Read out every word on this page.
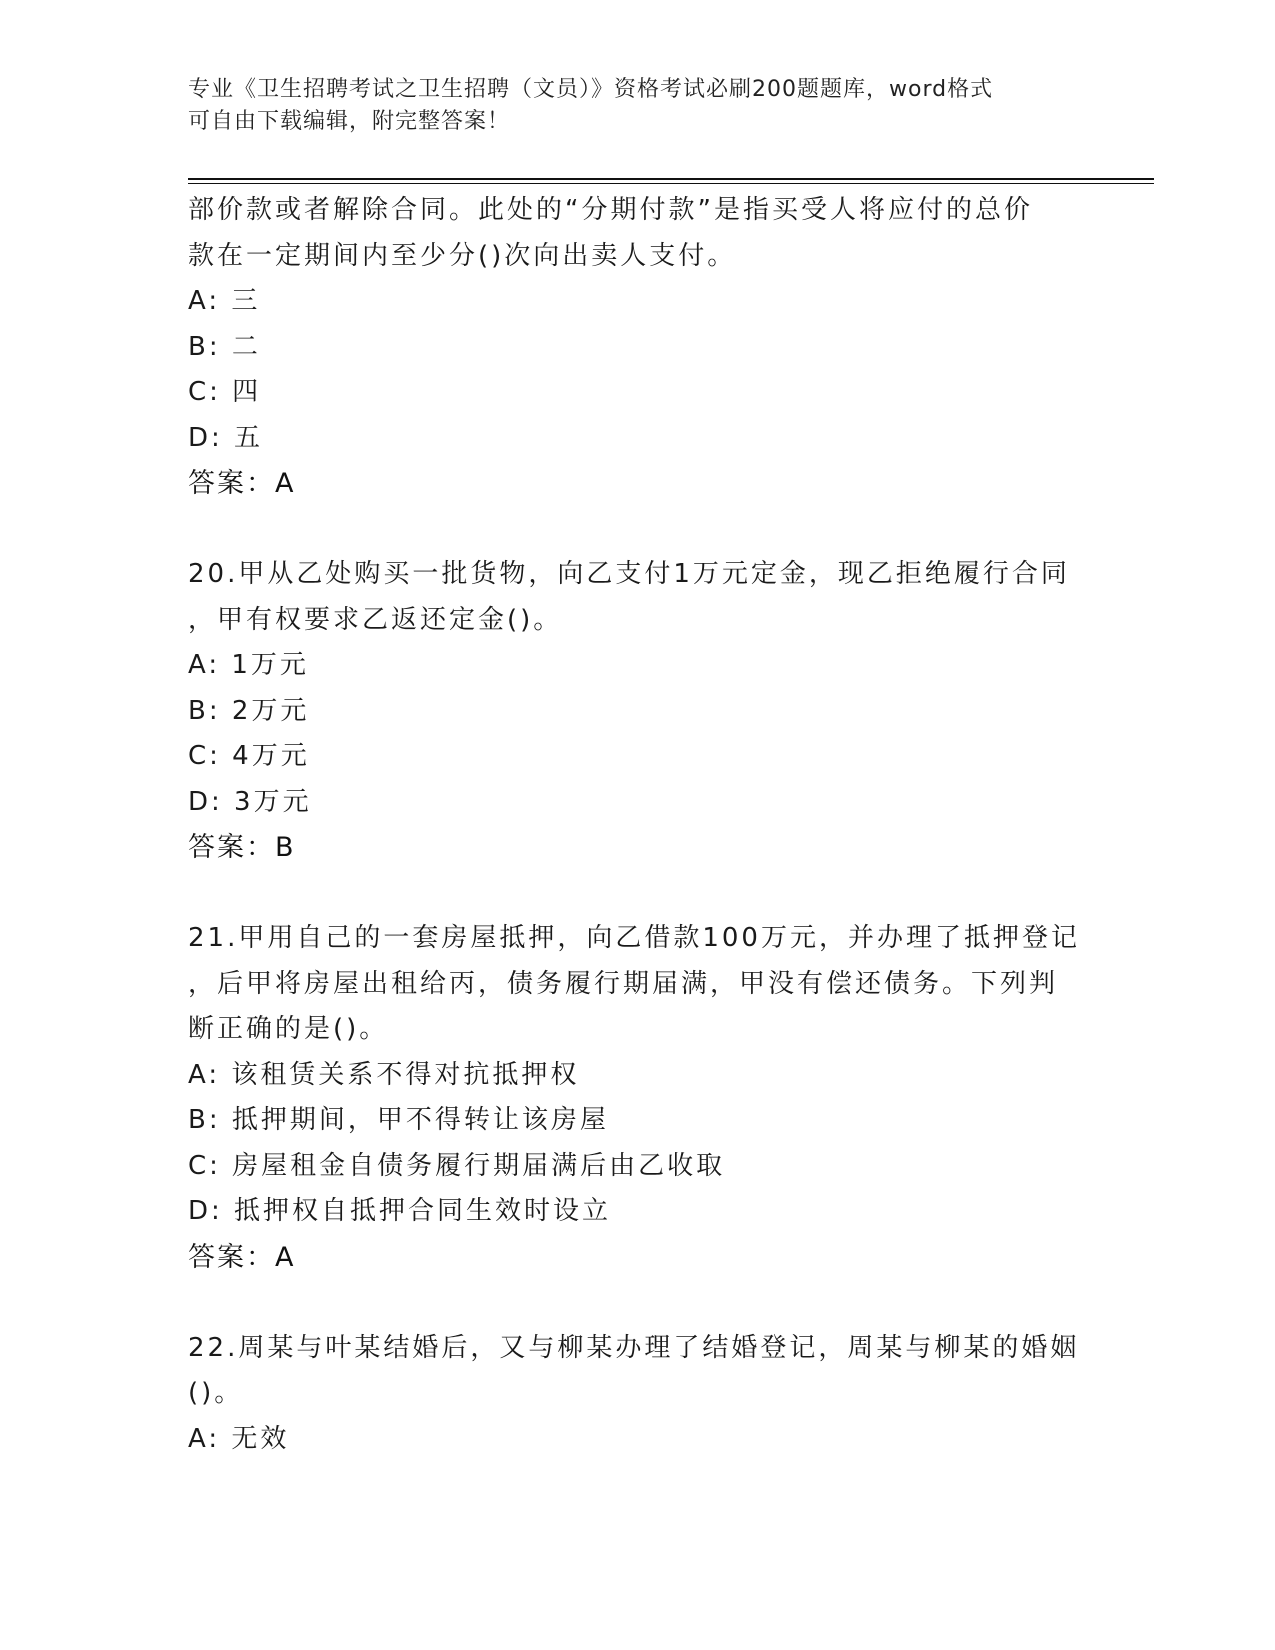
专业《卫生招聘考试之卫生招聘（文员）》资格考试必刷200题题库，word格式
可自由下载编辑，附完整答案！
部价款或者解除合同。此处的“分期付款”是指买受人将应付的总价
款在一定期间内至少分()次向出卖人支付。
A: 三
B: 二
C: 四
D: 五
答案：A
20.甲从乙处购买一批货物，向乙支付1万元定金，现乙拒绝履行合同
，甲有权要求乙返还定金()。
A: 1万元
B: 2万元
C: 4万元
D: 3万元
答案：B
21.甲用自己的一套房屋抵押，向乙借款100万元，并办理了抵押登记
，后甲将房屋出租给丙，债务履行期届满，甲没有偿还债务。下列判
断正确的是()。
A: 该租赁关系不得对抗抵押权
B: 抵押期间，甲不得转让该房屋
C: 房屋租金自债务履行期届满后由乙收取
D: 抵押权自抵押合同生效时设立
答案：A
22.周某与叶某结婚后，又与柳某办理了结婚登记，周某与柳某的婚姻
()。
A: 无效
